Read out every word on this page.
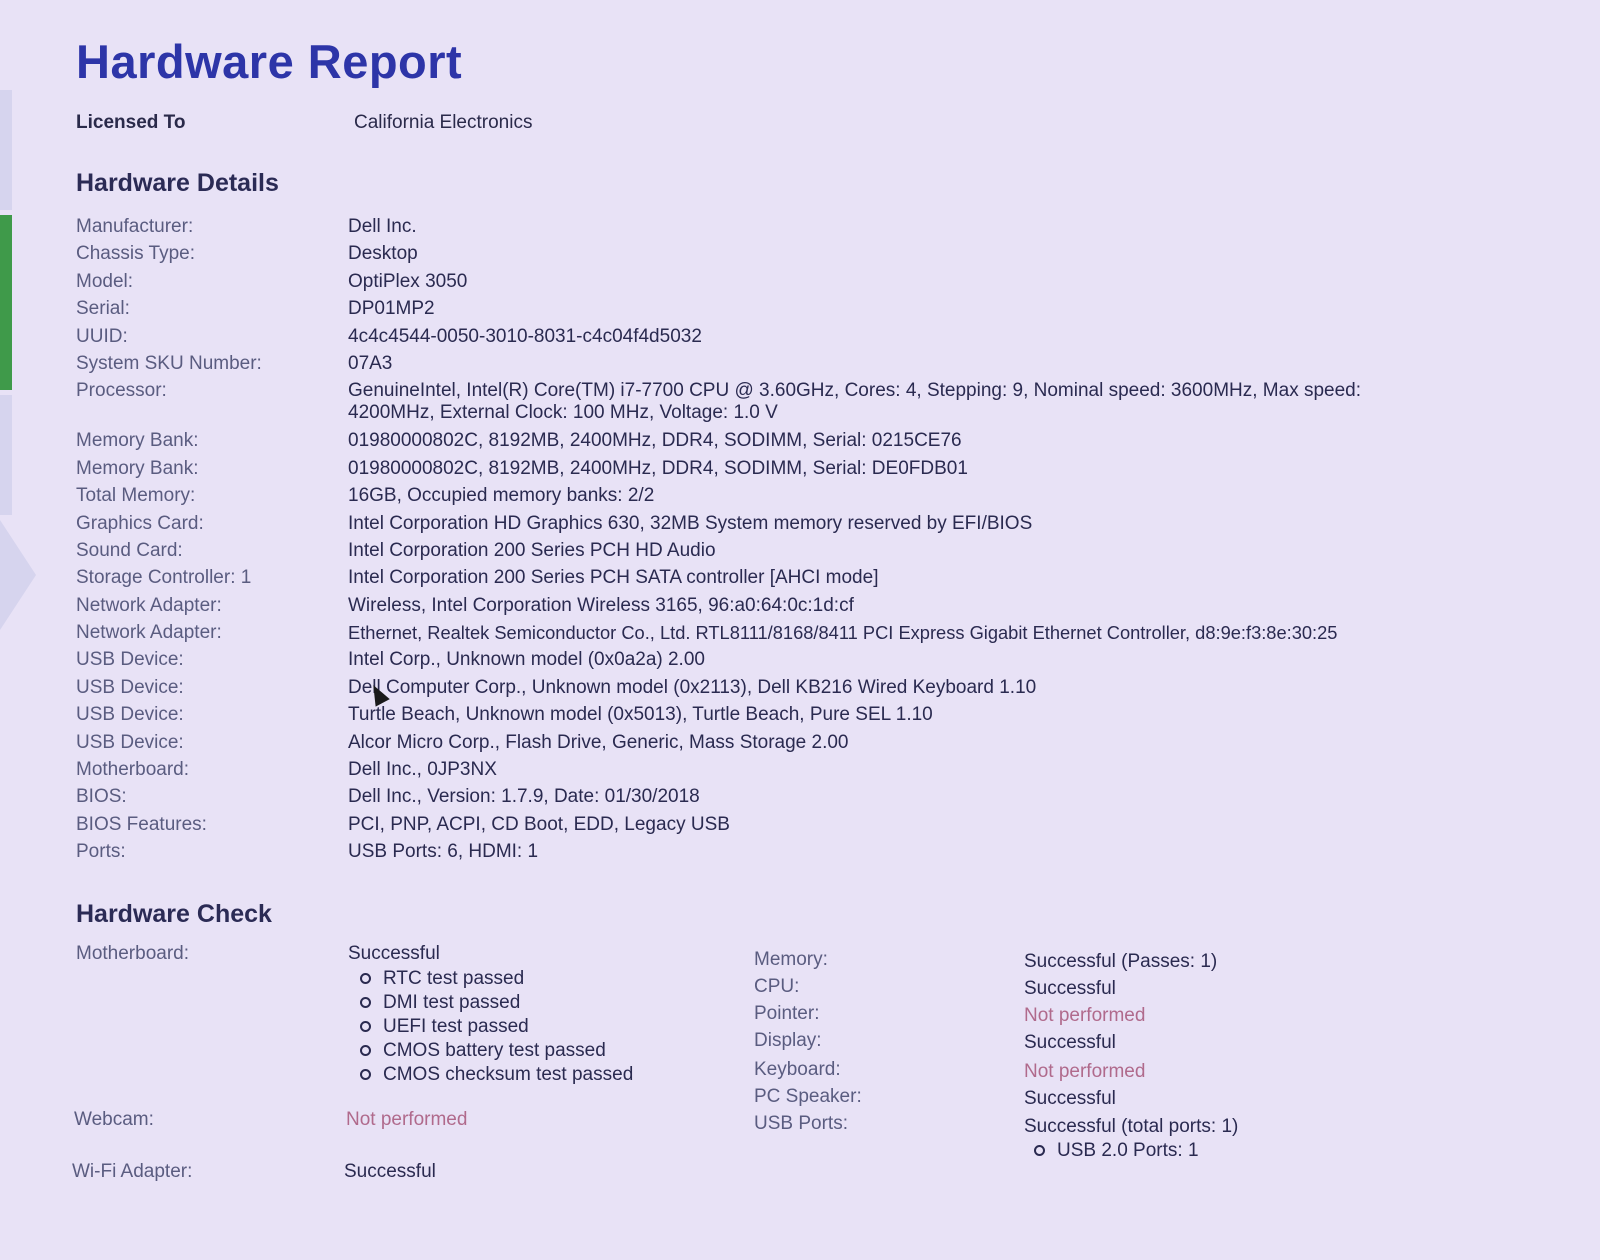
Hardware Report
Licensed To	California Electronics
Hardware Details
Manufacturer:	Dell Inc.
Chassis Type:	Desktop
Model:	OptiPlex 3050
Serial:	DP01MP2
UUID:	4c4c4544-0050-3010-8031-c4c04f4d5032
System SKU Number:	07A3
Processor:	GenuineIntel, Intel(R) Core(TM) i7-7700 CPU @ 3.60GHz, Cores: 4, Stepping: 9, Nominal speed: 3600MHz, Max speed: 4200MHz, External Clock: 100 MHz, Voltage: 1.0 V
Memory Bank:	01980000802C, 8192MB, 2400MHz, DDR4, SODIMM, Serial: 0215CE76
Memory Bank:	01980000802C, 8192MB, 2400MHz, DDR4, SODIMM, Serial: DE0FDB01
Total Memory:	16GB, Occupied memory banks: 2/2
Graphics Card:	Intel Corporation HD Graphics 630, 32MB System memory reserved by EFI/BIOS
Sound Card:	Intel Corporation 200 Series PCH HD Audio
Storage Controller: 1	Intel Corporation 200 Series PCH SATA controller [AHCI mode]
Network Adapter:	Wireless, Intel Corporation Wireless 3165, 96:a0:64:0c:1d:cf
Network Adapter:	Ethernet, Realtek Semiconductor Co., Ltd. RTL8111/8168/8411 PCI Express Gigabit Ethernet Controller, d8:9e:f3:8e:30:25
USB Device:	Intel Corp., Unknown model (0x0a2a) 2.00
USB Device:	Dell Computer Corp., Unknown model (0x2113), Dell KB216 Wired Keyboard 1.10
USB Device:	Turtle Beach, Unknown model (0x5013), Turtle Beach, Pure SEL 1.10
USB Device:	Alcor Micro Corp., Flash Drive, Generic, Mass Storage 2.00
Motherboard:	Dell Inc., 0JP3NX
BIOS:	Dell Inc., Version: 1.7.9, Date: 01/30/2018
BIOS Features:	PCI, PNP, ACPI, CD Boot, EDD, Legacy USB
Ports:	USB Ports: 6, HDMI: 1
Hardware Check
Motherboard:	Successful
RTC test passed
DMI test passed
UEFI test passed
CMOS battery test passed
CMOS checksum test passed
Webcam:	Not performed
Wi-Fi Adapter:	Successful
Memory:	Successful (Passes: 1)
CPU:	Successful
Pointer:	Not performed
Display:	Successful
Keyboard:	Not performed
PC Speaker:	Successful
USB Ports:	Successful (total ports: 1)
USB 2.0 Ports: 1
